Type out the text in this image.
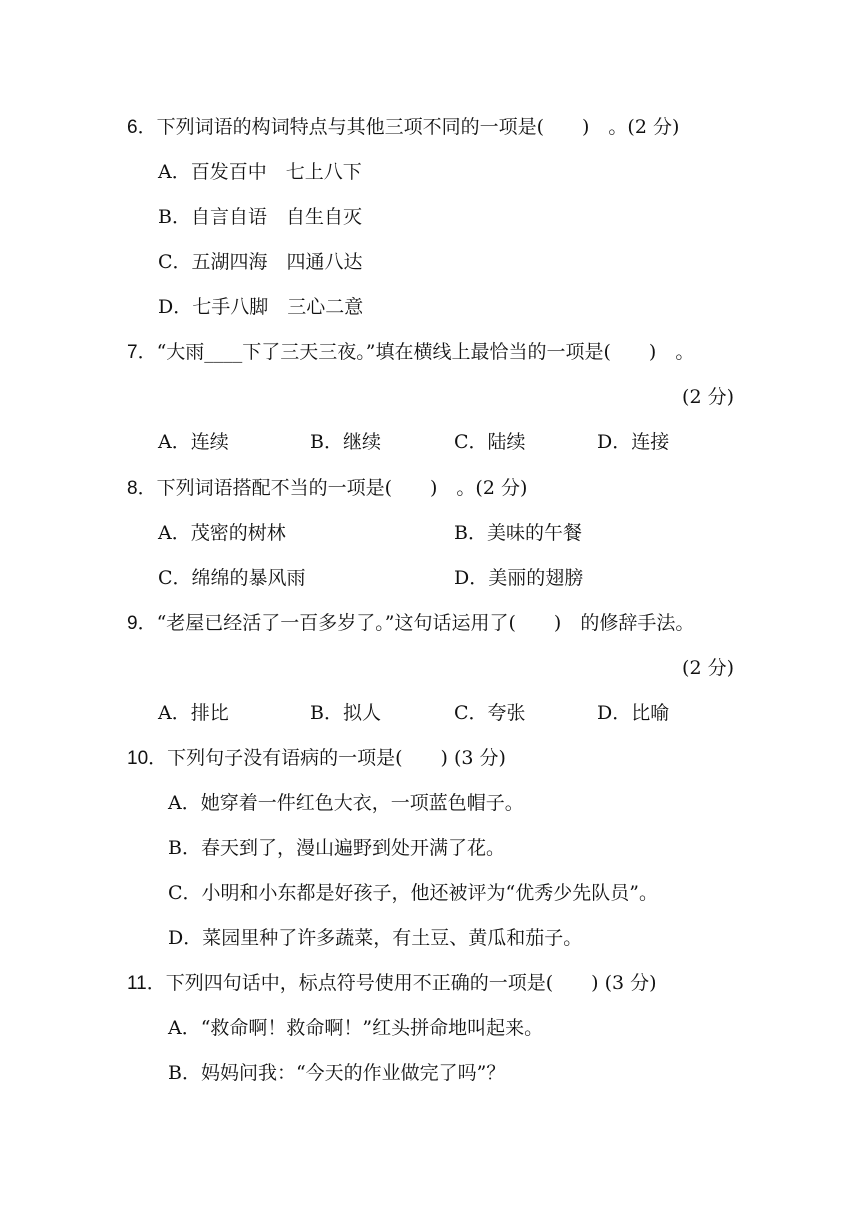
6．下列词语的构词特点与其他三项不同的一项是(　　)　。(2 分)
A．百发百中　七上八下
B．自言自语　自生自灭
C．五湖四海　四通八达
D．七手八脚　三心二意
7．“大雨____下了三天三夜。”填在横线上最恰当的一项是(　　)　。
(2 分)
A．连续	B．继续	C．陆续	D．连接
8．下列词语搭配不当的一项是(　　)　。(2 分)
A．茂密的树林	B．美味的午餐
C．绵绵的暴风雨	D．美丽的翅膀
9．“老屋已经活了一百多岁了。”这句话运用了(　　)　的修辞手法。
(2 分)
A．排比	B．拟人	C．夸张	D．比喻
10．下列句子没有语病的一项是(　　) (3 分)
A．她穿着一件红色大衣，一项蓝色帽子。
B．春天到了，漫山遍野到处开满了花。
C．小明和小东都是好孩子，他还被评为“优秀少先队员”。
D．菜园里种了许多蔬菜，有土豆、黄瓜和茄子。
11．下列四句话中，标点符号使用不正确的一项是(　　) (3 分)
A．“救命啊！救命啊！”红头拼命地叫起来。
B．妈妈问我：“今天的作业做完了吗”？
